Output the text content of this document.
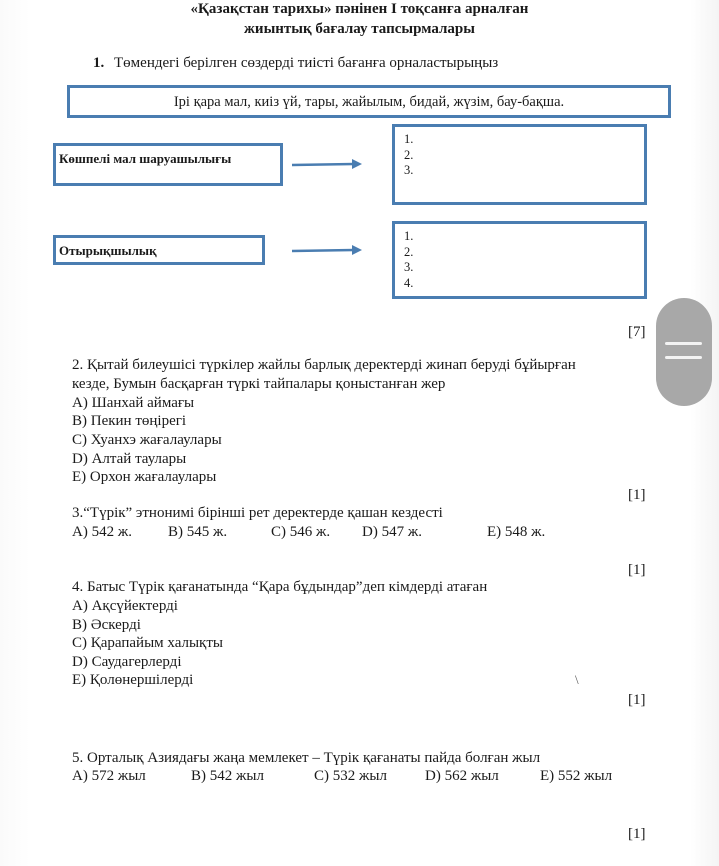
«Қазақстан тарихы» пәнінен I тоқсанға арналған
жиынтық бағалау тапсырмалары
1. Төмендегі берілген сөздерді тиісті бағанға орналастырыңыз
Ірі қара мал, киіз үй, тары, жайылым, бидай, жүзім, бау-бақша.
Көшпелі мал шаруашылығы
1.
2.
3.
Отырықшылық
1.
2.
3.
4.
[7]
2. Қытай билеушісі түркілер жайлы барлық деректерді жинап беруді бұйырған
кезде, Бумын басқарған түркі тайпалары қоныстанған жер
A) Шанхай аймағы
B) Пекин төңірегі
C) Хуанхэ жағалаулары
D) Алтай таулары
E) Орхон жағалаулары
[1]
3.“Түрік” этнонимі бірінші рет деректерде қашан кездесті
A) 542 ж. B) 545 ж.	C) 546 ж. D) 547 ж.	E) 548 ж.
[1]
4. Батыс Түрік қағанатында “Қара бұдындар”деп кімдерді атаған
A) Ақсүйектерді
B) Әскерді
C) Қарапайым халықты
D) Саудагерлерді
E) Қолөнершілерді	\
[1]
5. Орталық Азиядағы жаңа мемлекет – Түрік қағанаты пайда болған жыл
A) 572 жыл	B) 542 жыл	C) 532 жыл	D) 562 жыл	E) 552 жыл
[1]
